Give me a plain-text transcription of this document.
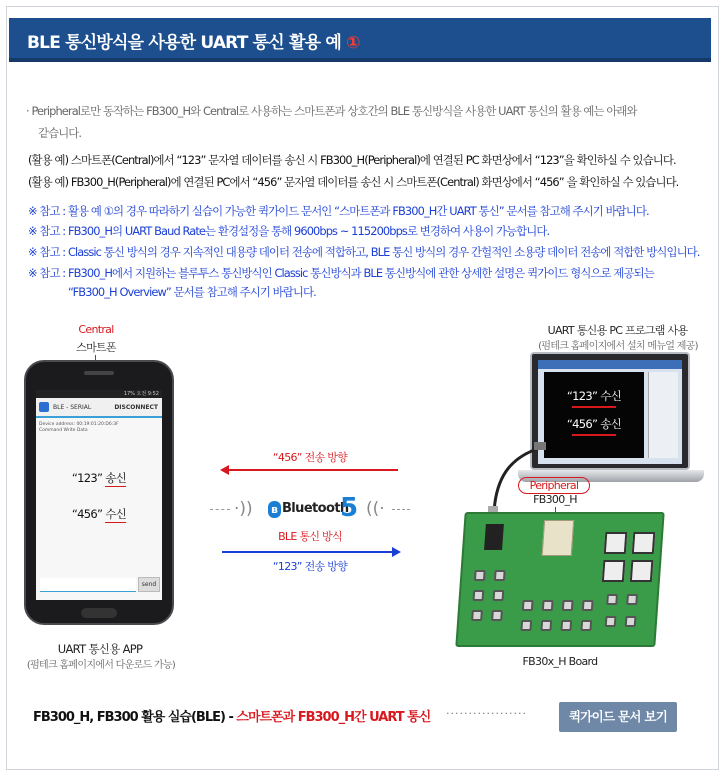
BLE 통신방식을 사용한 UART 통신 활용 예 ①
· Peripheral로만 동작하는 FB300_H와 Central로 사용하는 스마트폰과 상호간의 BLE 통신방식을 사용한 UART 통신의 활용 예는 아래와
같습니다.
(활용 예) 스마트폰(Central)에서 “123” 문자열 데이터를 송신 시 FB300_H(Peripheral)에 연결된 PC 화면상에서 “123”을 확인하실 수 있습니다.
(활용 예) FB300_H(Peripheral)에 연결된 PC에서 “456” 문자열 데이터를 송신 시 스마트폰(Central) 화면상에서 “456” 을 확인하실 수 있습니다.
※ 참고 : 활용 예 ①의 경우 따라하기 실습이 가능한 퀵가이드 문서인 “스마트폰과 FB300_H간 UART 통신” 문서를 참고해 주시기 바랍니다.
※ 참고 : FB300_H의 UART Baud Rate는 환경설정을 통해 9600bps ~ 115200bps로 변경하여 사용이 가능합니다.
※ 참고 : Classic 통신 방식의 경우 지속적인 대용량 데이터 전송에 적합하고, BLE 통신 방식의 경우 간헐적인 소용량 데이터 전송에 적합한 방식입니다.
※ 참고 : FB300_H에서 지원하는 블루투스 통신방식인 Classic 통신방식과 BLE 통신방식에 관한 상세한 설명은 퀵가이드 형식으로 제공되는
“FB300_H Overview” 문서를 참고해 주시기 바랍니다.
Central
스마트폰
17% 오전 9:52
BLE - SERIAL	DISCONNECT
Device address: 00:19:01:20:D6:3F
Command Write Data
“123” 송신
“456” 수신
send
UART 통신용 APP
(펌테크 홈페이지에서 다운로드 가능)
“456” 전송 방향
·)) ʙ Bluetooth
5 ((·
BLE 통신 방식
“123” 전송 방향
UART 통신용 PC 프로그램 사용
(펌테크 홈페이지에서 설치 메뉴얼 제공)
“123” 수신
“456” 송신
Peripheral
FB300_H
FB30x_H Board
FB300_H, FB300 활용 실습(BLE) - 스마트폰과 FB300_H간 UART 통신 ··················	퀵가이드 문서 보기
